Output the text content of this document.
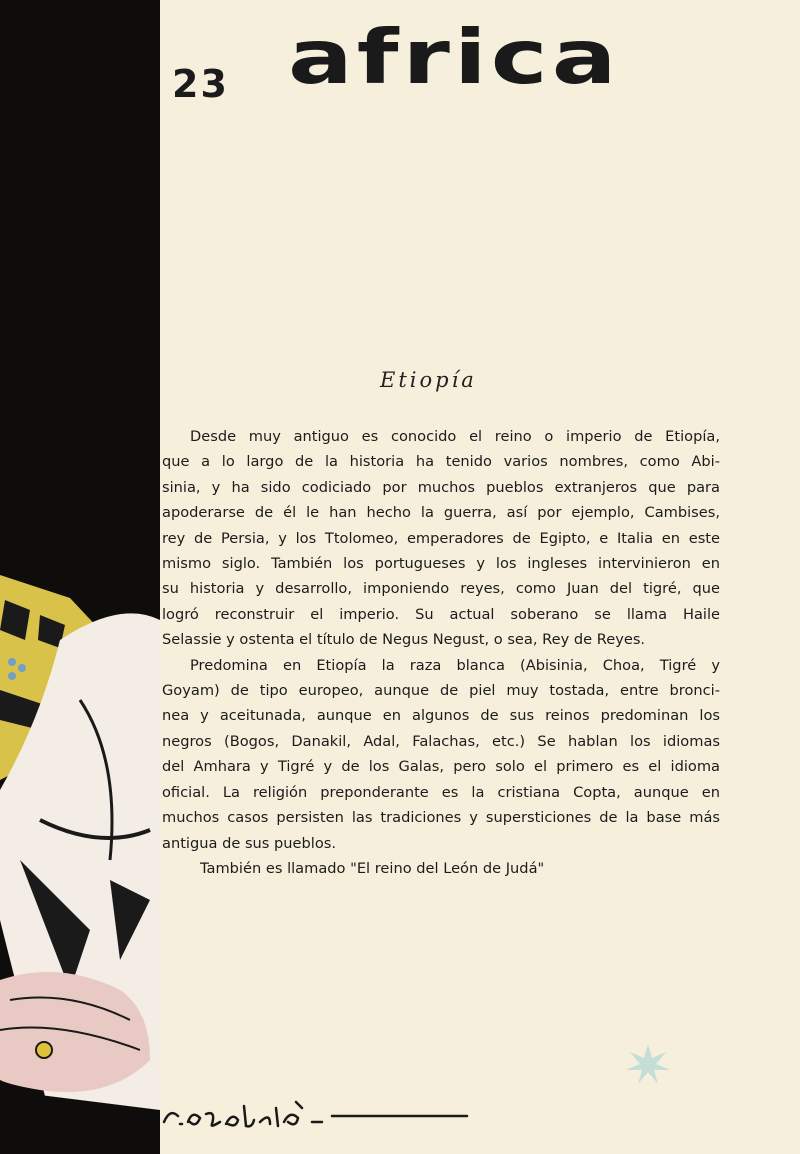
23 africa
Etiopía

Desde muy antiguo es conocido el reino o imperio de Etiopía,
que a lo largo de la historia ha tenido varios nombres, como Abi-
sinia, y ha sido codiciado por muchos pueblos extranjeros que para
apoderarse de él le han hecho la guerra, así por ejemplo, Cambises,
rey de Persia, y los Ttolomeo, emperadores de Egipto, e Italia en este
mismo siglo. También los portugueses y los ingleses intervinieron en
su historia y desarrollo, imponiendo reyes, como Juan del tigré, que
logró reconstruir el imperio. Su actual soberano se llama Haile
Selassie y ostenta el título de Negus Negust, o sea, Rey de Reyes.

Predomina en Etiopía la raza blanca (Abisinia, Choa, Tigré y
Goyam) de tipo europeo, aunque de piel muy tostada, entre bronci-
nea y aceitunada, aunque en algunos de sus reinos predominan los
negros (Bogos, Danakil, Adal, Falachas, etc.) Se hablan los idiomas
del Amhara y Tigré y de los Galas, pero solo el primero es el idioma
oficial. La religión preponderante es la cristiana Copta, aunque en
muchos casos persisten las tradiciones y supersticiones de la base más
antigua de sus pueblos.

También es llamado "El reino del León de Judá"
